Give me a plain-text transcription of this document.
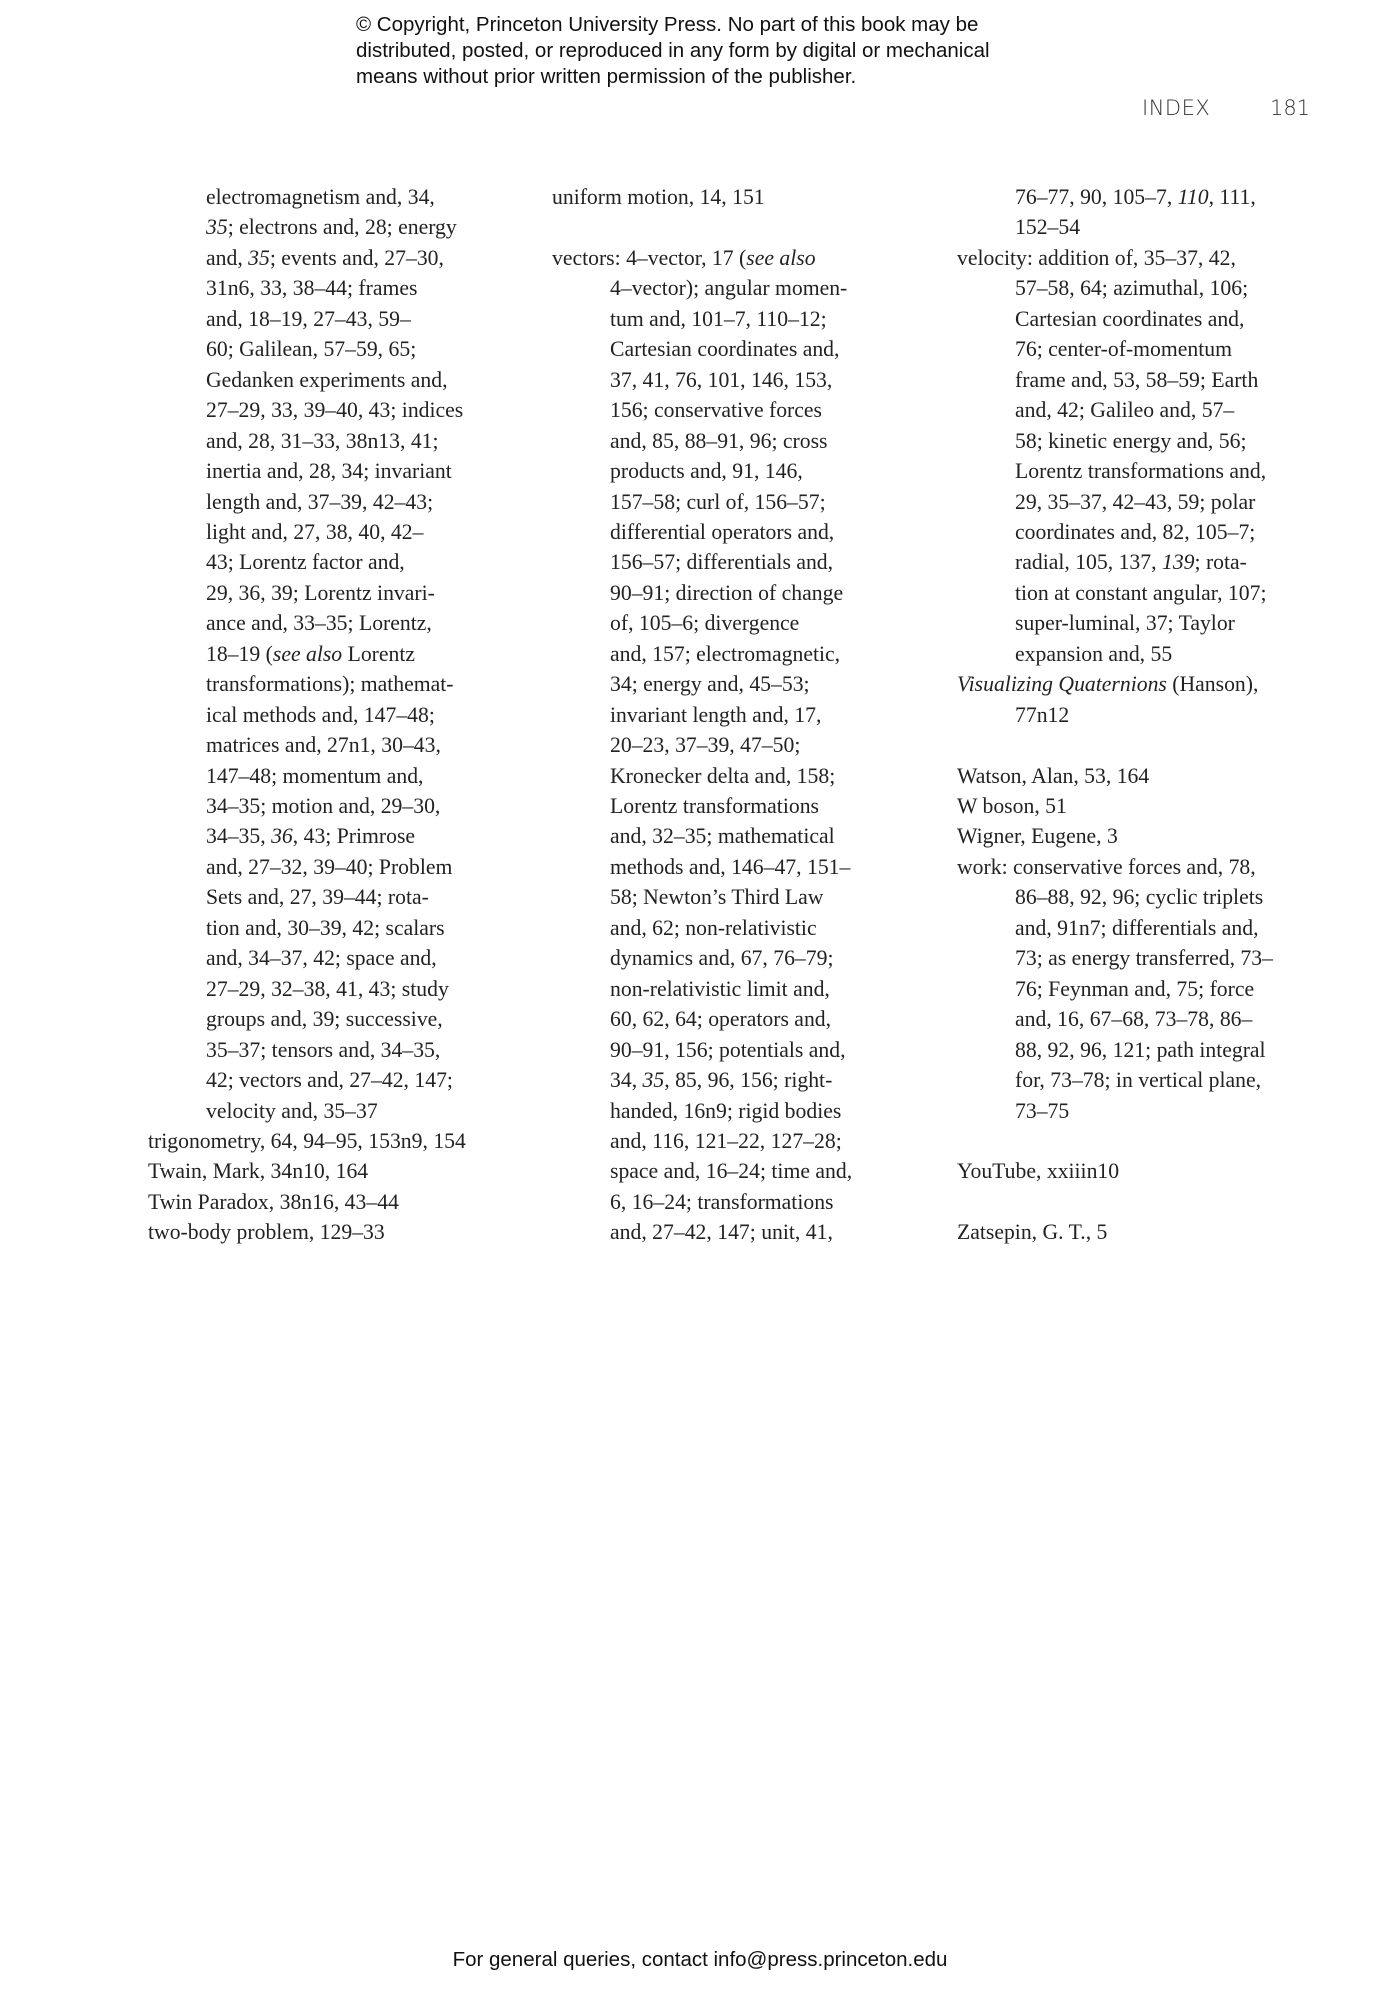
© Copyright, Princeton University Press. No part of this book may be
distributed, posted, or reproduced in any form by digital or mechanical
means without prior written permission of the publisher.
INDEX	181
electromagnetism and, 34,
35; electrons and, 28; energy
and, 35; events and, 27–30,
31n6, 33, 38–44; frames
and, 18–19, 27–43, 59–
60; Galilean, 57–59, 65;
Gedanken experiments and,
27–29, 33, 39–40, 43; indices
and, 28, 31–33, 38n13, 41;
inertia and, 28, 34; invariant
length and, 37–39, 42–43;
light and, 27, 38, 40, 42–
43; Lorentz factor and,
29, 36, 39; Lorentz invari-
ance and, 33–35; Lorentz,
18–19 (see also Lorentz
transformations); mathemat-
ical methods and, 147–48;
matrices and, 27n1, 30–43,
147–48; momentum and,
34–35; motion and, 29–30,
34–35, 36, 43; Primrose
and, 27–32, 39–40; Problem
Sets and, 27, 39–44; rota-
tion and, 30–39, 42; scalars
and, 34–37, 42; space and,
27–29, 32–38, 41, 43; study
groups and, 39; successive,
35–37; tensors and, 34–35,
42; vectors and, 27–42, 147;
velocity and, 35–37
trigonometry, 64, 94–95, 153n9, 154
Twain, Mark, 34n10, 164
Twin Paradox, 38n16, 43–44
two-body problem, 129–33
uniform motion, 14, 151
vectors: 4–vector, 17 (see also
4–vector); angular momen-
tum and, 101–7, 110–12;
Cartesian coordinates and,
37, 41, 76, 101, 146, 153,
156; conservative forces
and, 85, 88–91, 96; cross
products and, 91, 146,
157–58; curl of, 156–57;
differential operators and,
156–57; differentials and,
90–91; direction of change
of, 105–6; divergence
and, 157; electromagnetic,
34; energy and, 45–53;
invariant length and, 17,
20–23, 37–39, 47–50;
Kronecker delta and, 158;
Lorentz transformations
and, 32–35; mathematical
methods and, 146–47, 151–
58; Newton’s Third Law
and, 62; non-relativistic
dynamics and, 67, 76–79;
non-relativistic limit and,
60, 62, 64; operators and,
90–91, 156; potentials and,
34, 35, 85, 96, 156; right-
handed, 16n9; rigid bodies
and, 116, 121–22, 127–28;
space and, 16–24; time and,
6, 16–24; transformations
and, 27–42, 147; unit, 41,
76–77, 90, 105–7, 110, 111,
152–54
velocity: addition of, 35–37, 42,
57–58, 64; azimuthal, 106;
Cartesian coordinates and,
76; center-of-momentum
frame and, 53, 58–59; Earth
and, 42; Galileo and, 57–
58; kinetic energy and, 56;
Lorentz transformations and,
29, 35–37, 42–43, 59; polar
coordinates and, 82, 105–7;
radial, 105, 137, 139; rota-
tion at constant angular, 107;
super-luminal, 37; Taylor
expansion and, 55
Visualizing Quaternions (Hanson),
77n12
Watson, Alan, 53, 164
W boson, 51
Wigner, Eugene, 3
work: conservative forces and, 78,
86–88, 92, 96; cyclic triplets
and, 91n7; differentials and,
73; as energy transferred, 73–
76; Feynman and, 75; force
and, 16, 67–68, 73–78, 86–
88, 92, 96, 121; path integral
for, 73–78; in vertical plane,
73–75
YouTube, xxiiin10
Zatsepin, G. T., 5
For general queries, contact info@press.princeton.edu
